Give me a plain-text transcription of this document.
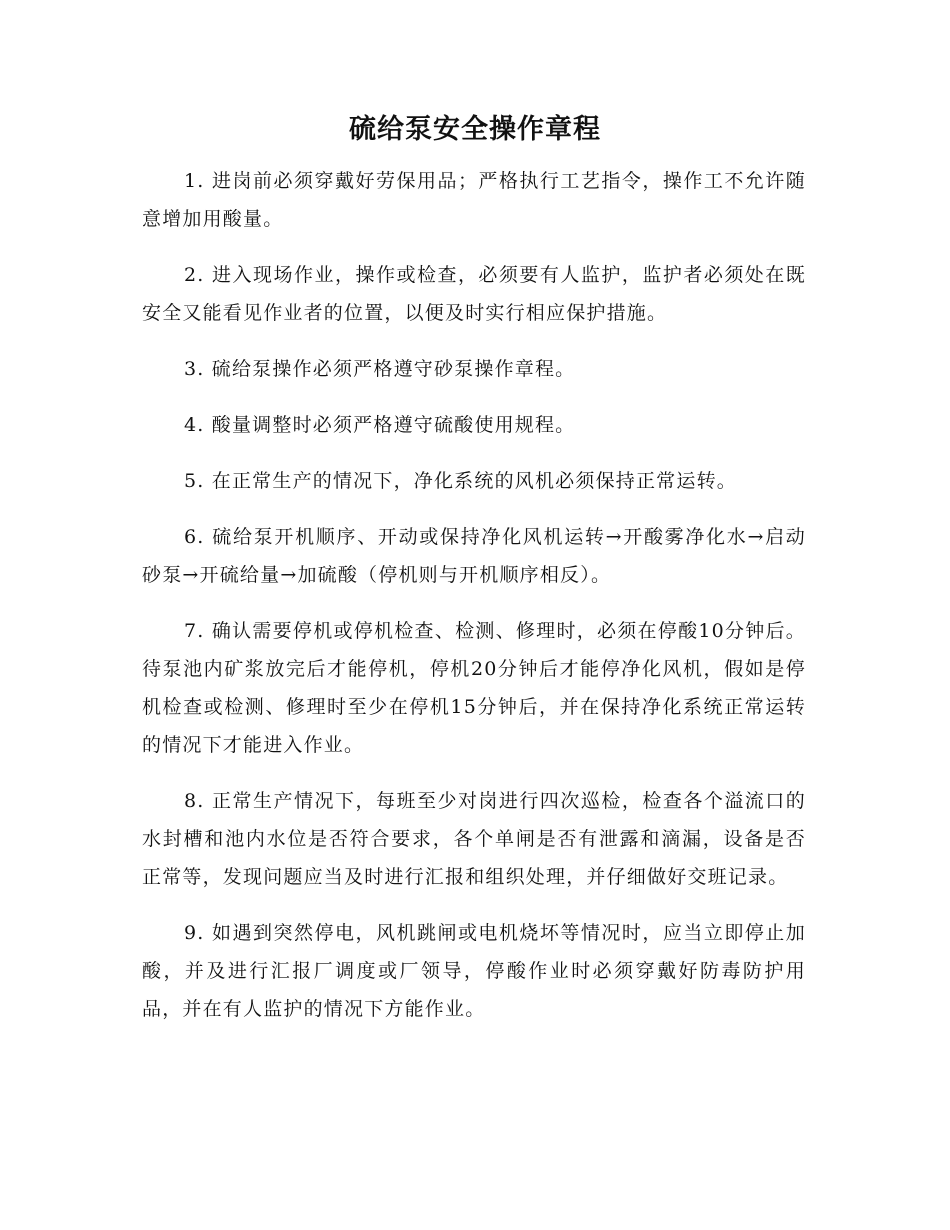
硫给泵安全操作章程

1. 进岗前必须穿戴好劳保用品；严格执行工艺指令，操作工不允许随意增加用酸量。

2. 进入现场作业，操作或检查，必须要有人监护，监护者必须处在既安全又能看见作业者的位置，以便及时实行相应保护措施。

3. 硫给泵操作必须严格遵守砂泵操作章程。

4. 酸量调整时必须严格遵守硫酸使用规程。

5. 在正常生产的情况下，净化系统的风机必须保持正常运转。

6. 硫给泵开机顺序、开动或保持净化风机运转→开酸雾净化水→启动砂泵→开硫给量→加硫酸（停机则与开机顺序相反）。

7. 确认需要停机或停机检查、检测、修理时，必须在停酸10分钟后。待泵池内矿浆放完后才能停机，停机20分钟后才能停净化风机，假如是停机检查或检测、修理时至少在停机15分钟后，并在保持净化系统正常运转的情况下才能进入作业。

8. 正常生产情况下，每班至少对岗进行四次巡检，检查各个溢流口的水封槽和池内水位是否符合要求，各个单闸是否有泄露和滴漏，设备是否正常等，发现问题应当及时进行汇报和组织处理，并仔细做好交班记录。

9. 如遇到突然停电，风机跳闸或电机烧坏等情况时，应当立即停止加酸，并及进行汇报厂调度或厂领导，停酸作业时必须穿戴好防毒防护用品，并在有人监护的情况下方能作业。
